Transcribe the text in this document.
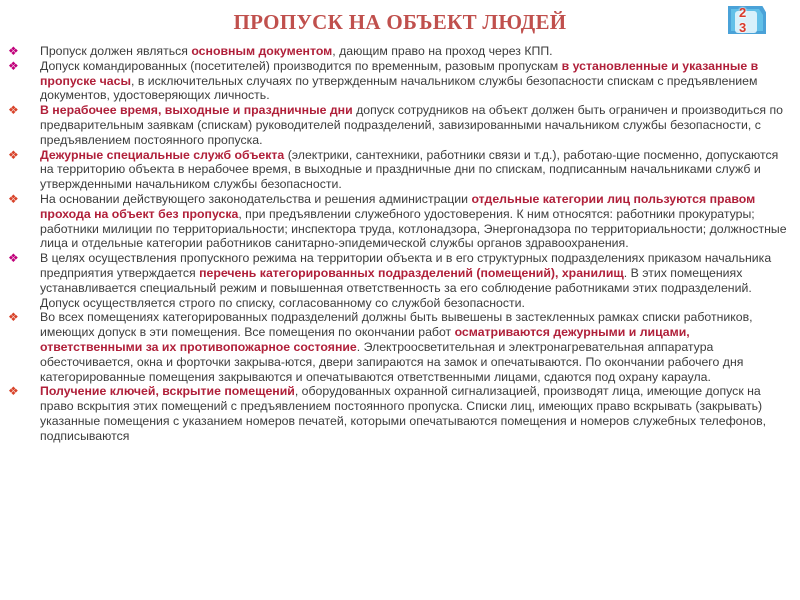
ПРОПУСК НА ОБЪЕКТ ЛЮДЕЙ	2
3
❖ Пропуск должен являться основным документом, дающим право на проход через КПП.
❖ Допуск командированных (посетителей) производится по временным, разовым пропускам в установленные и указанные в пропуске часы, в исключительных случаях по утвержденным начальником службы безопасности спискам с предъявлением документов, удостоверяющих личность.
❖ В нерабочее время, выходные и праздничные дни допуск сотрудников на объект должен быть ограничен и производиться по предварительным заявкам (спискам) руководителей подразделений, завизированными начальником службы безопасности, с предъявлением постоянного пропуска.
❖ Дежурные специальные служб объекта (электрики, сантехники, работники связи и т.д.), работаю-щие посменно, допускаются на территорию объекта в нерабочее время, в выходные и праздничные дни по спискам, подписанным начальниками служб и утвержденными начальником службы безопасности.
❖ На основании действующего законодательства и решения администрации отдельные категории лиц пользуются правом прохода на объект без пропуска, при предъявлении служебного удостоверения. К ним относятся: работники прокуратуры; работники милиции по территориальности; инспектора труда, котлонадзора, Энергонадзора по территориальности; должностные лица и отдельные категории работников санитарно-эпидемической службы органов здравоохранения.
❖ В целях осуществления пропускного режима на территории объекта и в его структурных подразделениях приказом начальника предприятия утверждается перечень категорированных подразделений (помещений), хранилищ. В этих помещениях устанавливается специальный режим и повышенная ответственность за его соблюдение работниками этих подразделений. Допуск осуществляется строго по списку, согласованному со службой безопасности.
❖ Во всех помещениях категорированных подразделений должны быть вывешены в застекленных рамках списки работников, имеющих допуск в эти помещения. Все помещения по окончании работ осматриваются дежурными и лицами, ответственными за их противопожарное состояние. Электроосветительная и электронагревательная аппаратура обесточивается, окна и форточки закрыва-ются, двери запираются на замок и опечатываются. По окончании рабочего дня категорированные помещения закрываются и опечатываются ответственными лицами, сдаются под охрану караула.
❖ Получение ключей, вскрытие помещений, оборудованных охранной сигнализацией, производят лица, имеющие допуск на право вскрытия этих помещений с предъявлением постоянного пропуска. Списки лиц, имеющих право вскрывать (закрывать) указанные помещения с указанием номеров печатей, которыми опечатываются помещения и номеров служебных телефонов, подписываются
